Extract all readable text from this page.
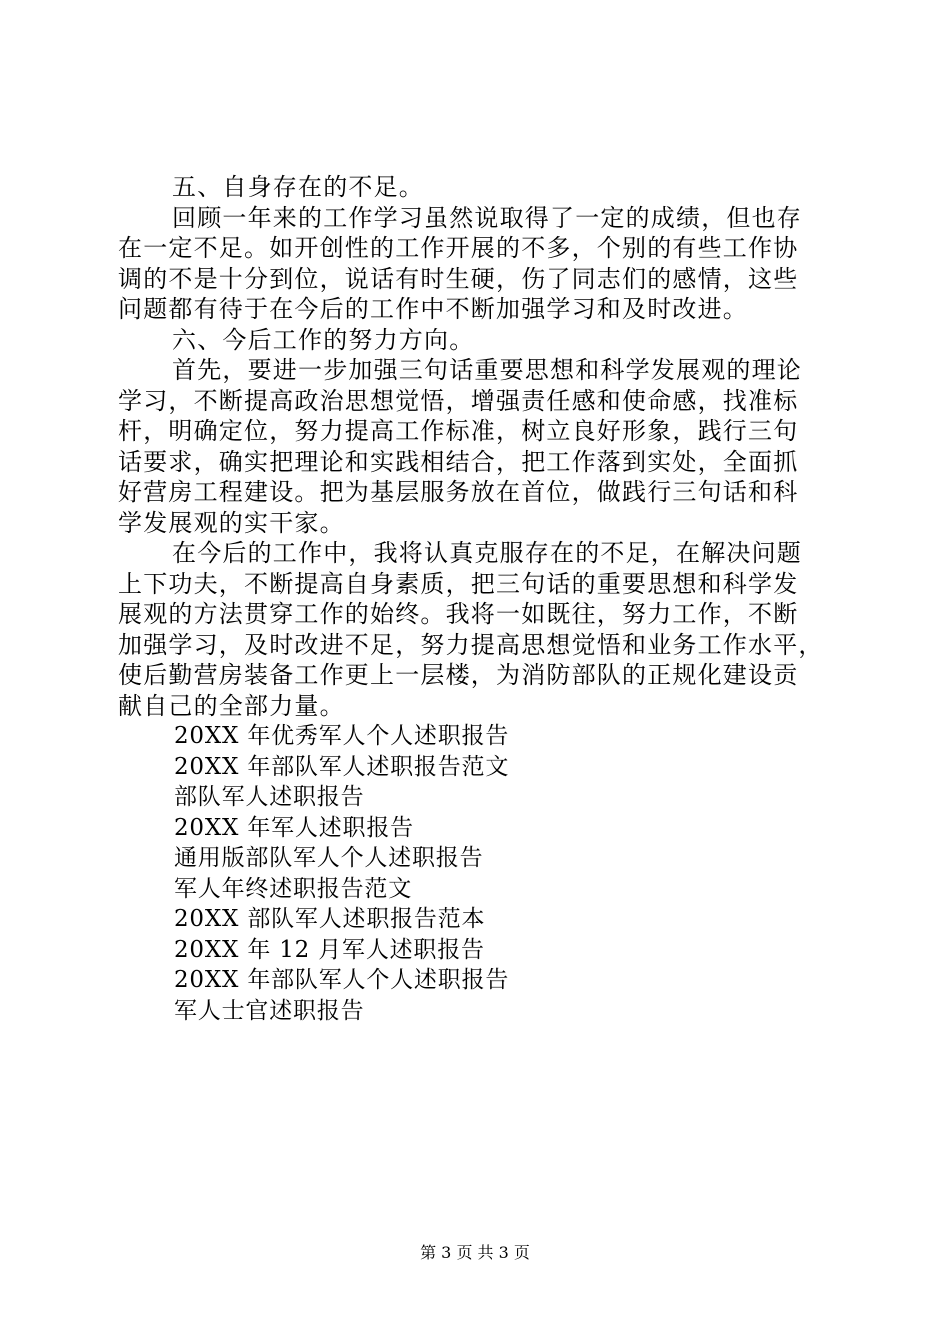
五、自身存在的不足。
回顾一年来的工作学习虽然说取得了一定的成绩，但也存
在一定不足。如开创性的工作开展的不多，个别的有些工作协
调的不是十分到位，说话有时生硬，伤了同志们的感情，这些
问题都有待于在今后的工作中不断加强学习和及时改进。
六、今后工作的努力方向。
首先，要进一步加强三句话重要思想和科学发展观的理论
学习，不断提高政治思想觉悟，增强责任感和使命感，找准标
杆，明确定位，努力提高工作标准，树立良好形象，践行三句
话要求，确实把理论和实践相结合，把工作落到实处，全面抓
好营房工程建设。把为基层服务放在首位，做践行三句话和科
学发展观的实干家。
在今后的工作中，我将认真克服存在的不足，在解决问题
上下功夫，不断提高自身素质，把三句话的重要思想和科学发
展观的方法贯穿工作的始终。我将一如既往，努力工作，不断
加强学习，及时改进不足，努力提高思想觉悟和业务工作水平，
使后勤营房装备工作更上一层楼，为消防部队的正规化建设贡
献自己的全部力量。
20XX 年优秀军人个人述职报告
20XX 年部队军人述职报告范文
部队军人述职报告
20XX 年军人述职报告
通用版部队军人个人述职报告
军人年终述职报告范文
20XX 部队军人述职报告范本
20XX 年 12 月军人述职报告
20XX 年部队军人个人述职报告
军人士官述职报告
第 3 页 共 3 页
